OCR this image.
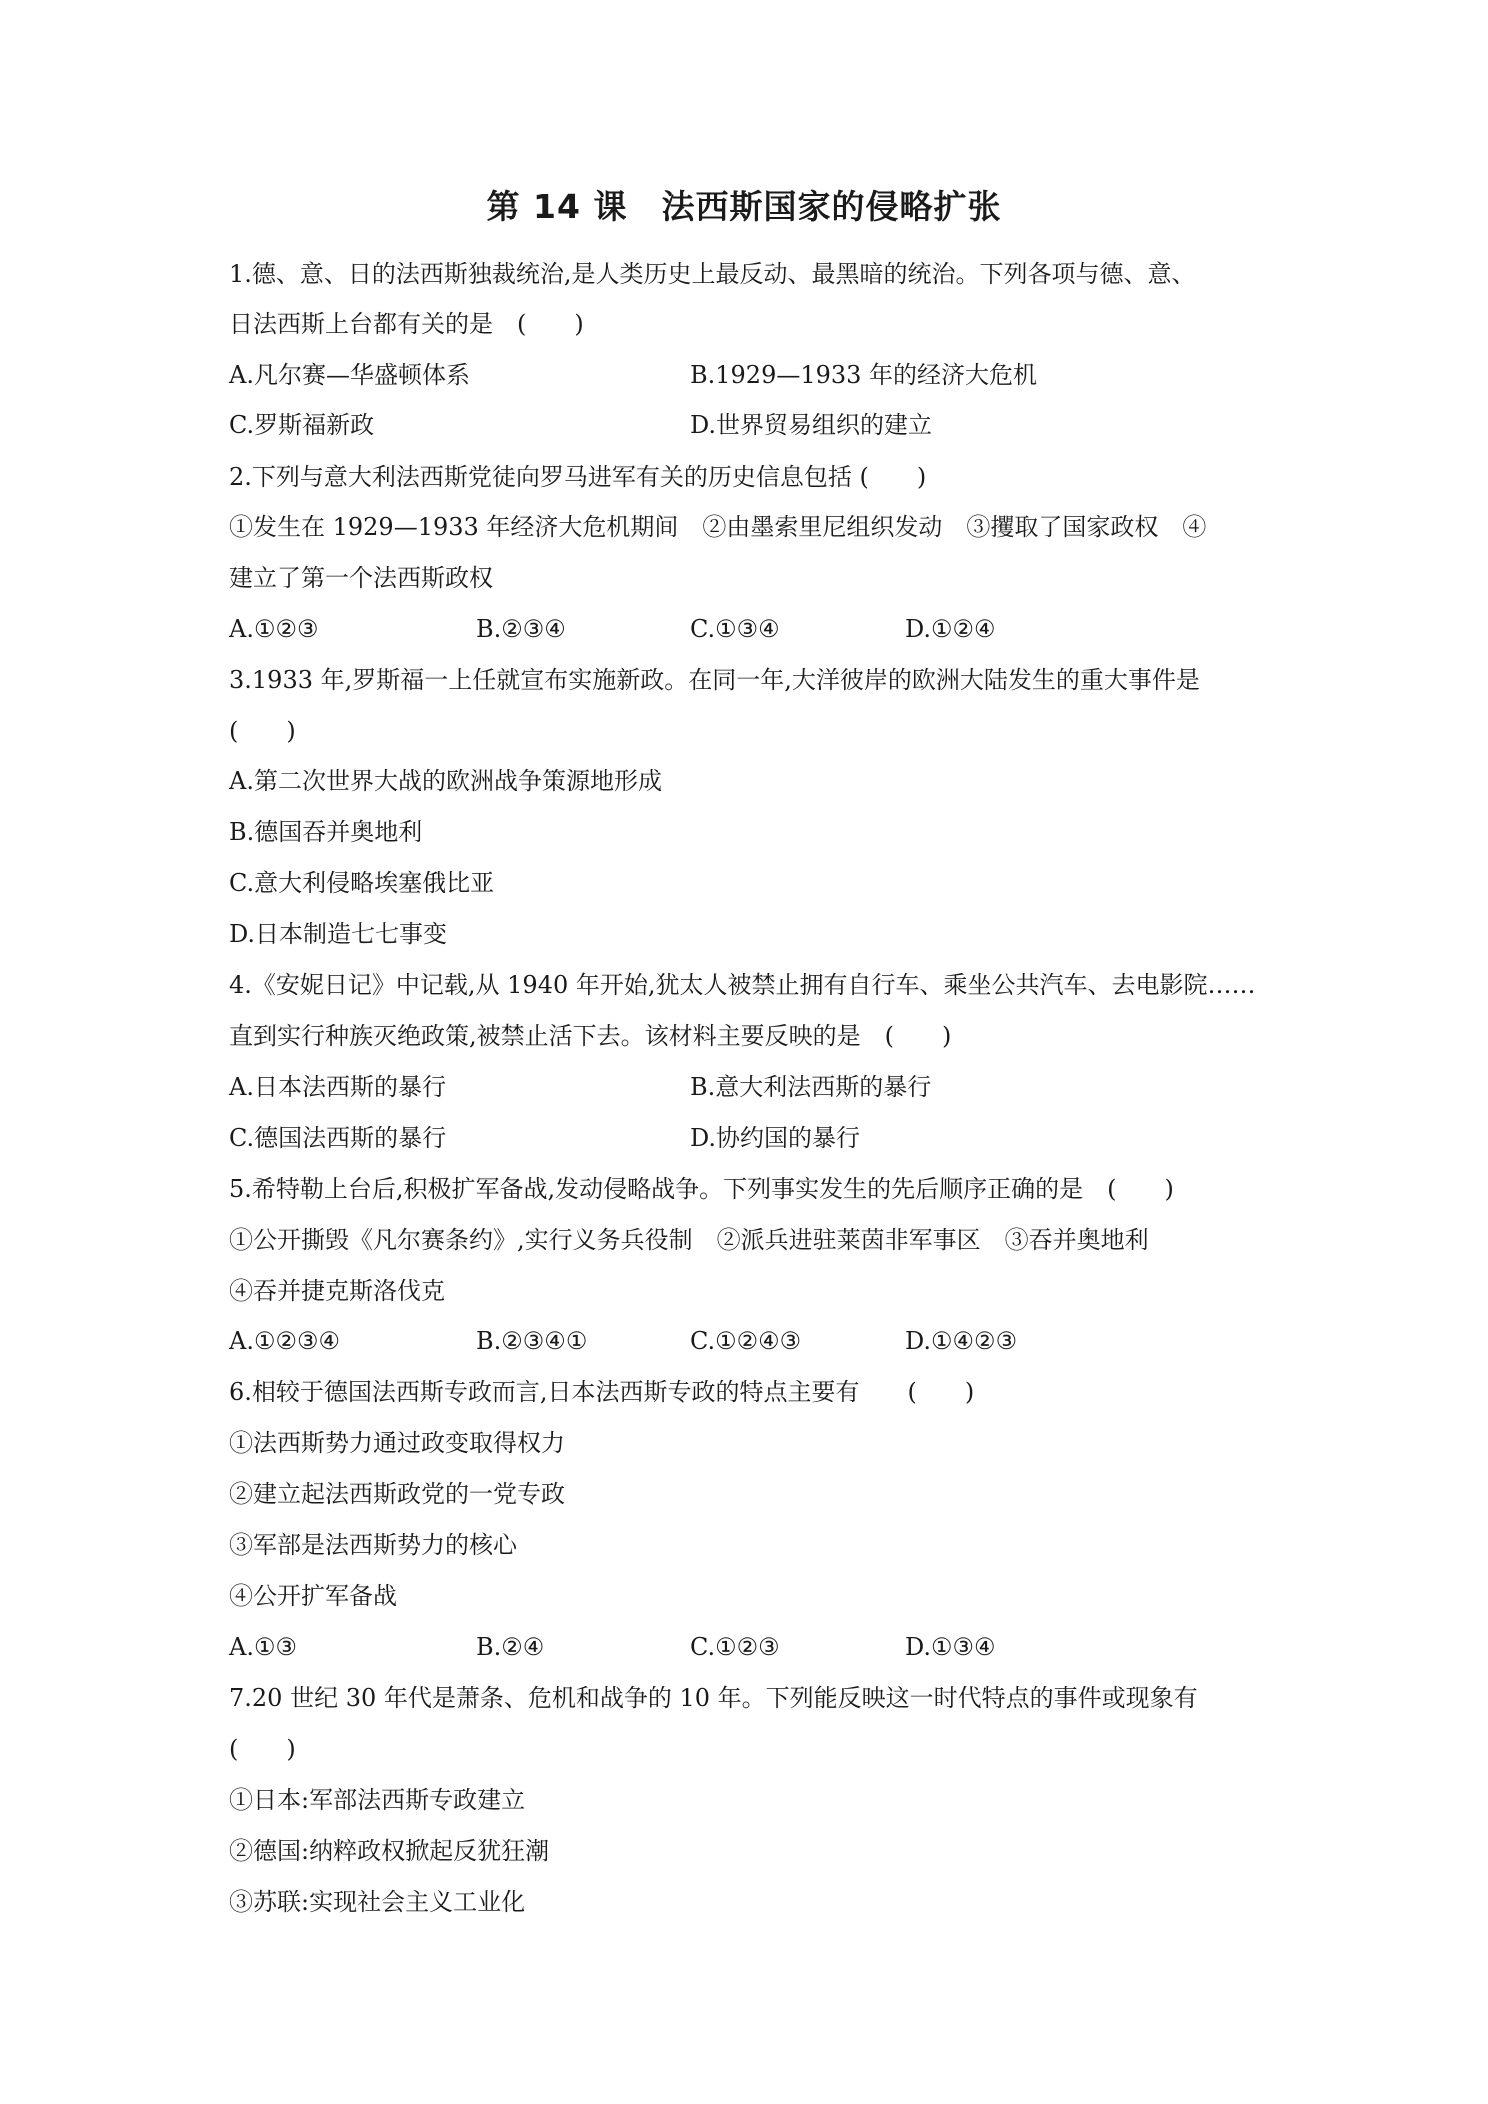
第 14 课　法西斯国家的侵略扩张
1.德、意、日的法西斯独裁统治,是人类历史上最反动、最黑暗的统治。下列各项与德、意、
日法西斯上台都有关的是　(　　)
A.凡尔赛—华盛顿体系	B.1929—1933 年的经济大危机
C.罗斯福新政	D.世界贸易组织的建立
2.下列与意大利法西斯党徒向罗马进军有关的历史信息包括 (　　)
①发生在 1929—1933 年经济大危机期间　②由墨索里尼组织发动　③攫取了国家政权　④
建立了第一个法西斯政权
A.①②③	B.②③④	C.①③④	D.①②④
3.1933 年,罗斯福一上任就宣布实施新政。在同一年,大洋彼岸的欧洲大陆发生的重大事件是
(　　)
A.第二次世界大战的欧洲战争策源地形成
B.德国吞并奥地利
C.意大利侵略埃塞俄比亚
D.日本制造七七事变
4.《安妮日记》中记载,从 1940 年开始,犹太人被禁止拥有自行车、乘坐公共汽车、去电影院……
直到实行种族灭绝政策,被禁止活下去。该材料主要反映的是　(　　)
A.日本法西斯的暴行	B.意大利法西斯的暴行
C.德国法西斯的暴行	D.协约国的暴行
5.希特勒上台后,积极扩军备战,发动侵略战争。下列事实发生的先后顺序正确的是　(　　)
①公开撕毁《凡尔赛条约》,实行义务兵役制　②派兵进驻莱茵非军事区　③吞并奥地利
④吞并捷克斯洛伐克
A.①②③④	B.②③④①	C.①②④③	D.①④②③
6.相较于德国法西斯专政而言,日本法西斯专政的特点主要有　　(　　)
①法西斯势力通过政变取得权力
②建立起法西斯政党的一党专政
③军部是法西斯势力的核心
④公开扩军备战
A.①③	B.②④	C.①②③	D.①③④
7.20 世纪 30 年代是萧条、危机和战争的 10 年。下列能反映这一时代特点的事件或现象有
(　　)
①日本:军部法西斯专政建立
②德国:纳粹政权掀起反犹狂潮
③苏联:实现社会主义工业化
